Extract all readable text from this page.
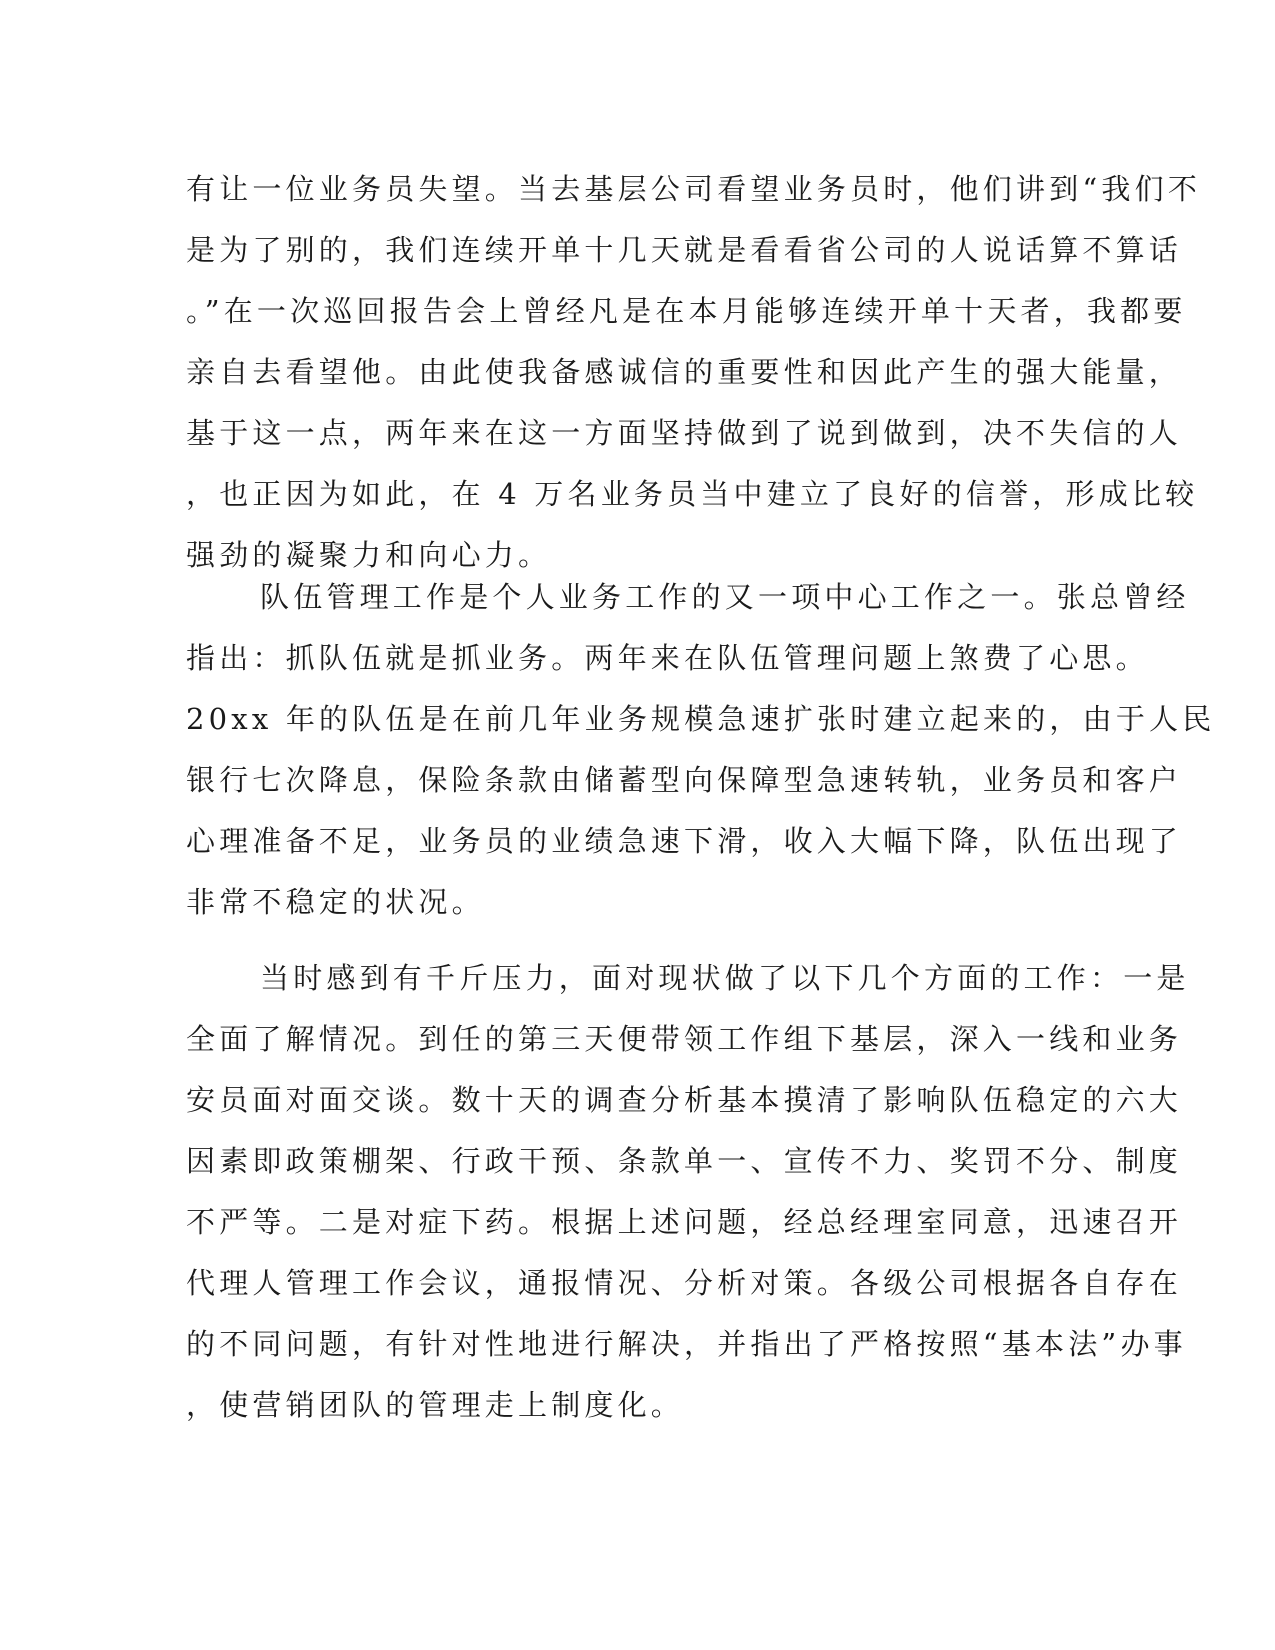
有让一位业务员失望。当去基层公司看望业务员时，他们讲到“我们不
是为了别的，我们连续开单十几天就是看看省公司的人说话算不算话
。”在一次巡回报告会上曾经凡是在本月能够连续开单十天者，我都要
亲自去看望他。由此使我备感诚信的重要性和因此产生的强大能量，
基于这一点，两年来在这一方面坚持做到了说到做到，决不失信的人
，也正因为如此，在 4 万名业务员当中建立了良好的信誉，形成比较
强劲的凝聚力和向心力。
队伍管理工作是个人业务工作的又一项中心工作之一。张总曾经
指出：抓队伍就是抓业务。两年来在队伍管理问题上煞费了心思。
20xx 年的队伍是在前几年业务规模急速扩张时建立起来的，由于人民
银行七次降息，保险条款由储蓄型向保障型急速转轨，业务员和客户
心理准备不足，业务员的业绩急速下滑，收入大幅下降，队伍出现了
非常不稳定的状况。
当时感到有千斤压力，面对现状做了以下几个方面的工作：一是
全面了解情况。到任的第三天便带领工作组下基层，深入一线和业务
安员面对面交谈。数十天的调查分析基本摸清了影响队伍稳定的六大
因素即政策棚架、行政干预、条款单一、宣传不力、奖罚不分、制度
不严等。二是对症下药。根据上述问题，经总经理室同意，迅速召开
代理人管理工作会议，通报情况、分析对策。各级公司根据各自存在
的不同问题，有针对性地进行解决，并指出了严格按照“基本法”办事
，使营销团队的管理走上制度化。
